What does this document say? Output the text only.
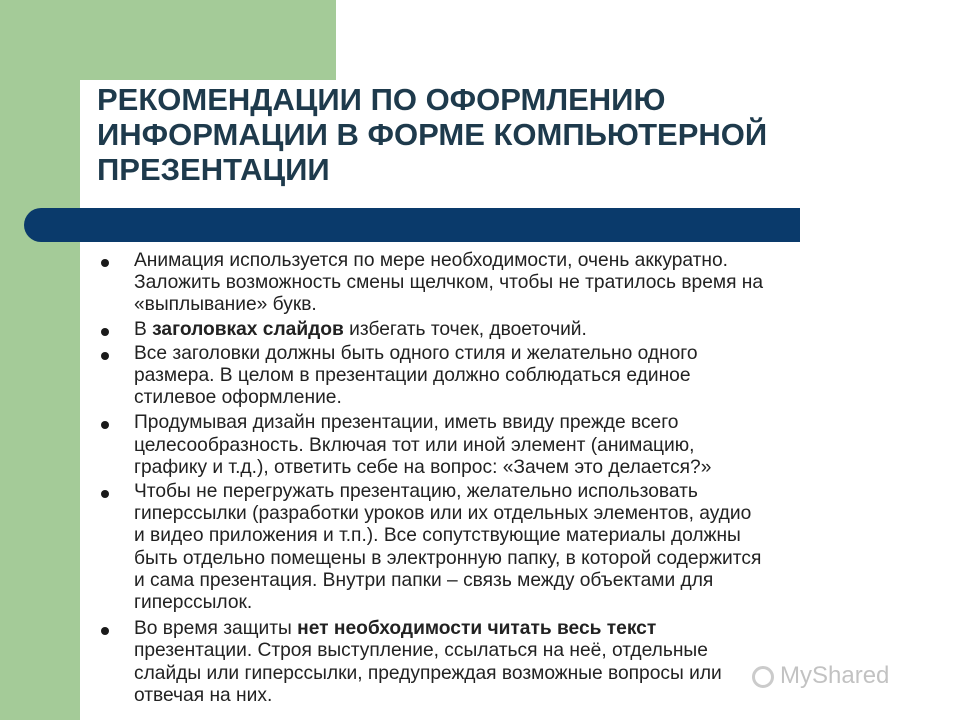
РЕКОМЕНДАЦИИ ПО ОФОРМЛЕНИЮ
ИНФОРМАЦИИ В ФОРМЕ КОМПЬЮТЕРНОЙ
ПРЕЗЕНТАЦИИ
Анимация используется по мере необходимости, очень аккуратно.
Заложить возможность смены щелчком, чтобы не тратилось время на
«выплывание» букв.
В заголовках слайдов избегать точек, двоеточий.
Все заголовки должны быть одного стиля и желательно одного
размера. В целом в презентации должно соблюдаться единое
стилевое оформление.
Продумывая дизайн презентации, иметь ввиду прежде всего
целесообразность. Включая тот или иной элемент (анимацию,
графику и т.д.), ответить себе на вопрос: «Зачем это делается?»
Чтобы не перегружать презентацию, желательно использовать
гиперссылки (разработки уроков или их отдельных элементов, аудио
и видео приложения и т.п.). Все сопутствующие материалы должны
быть отдельно помещены в электронную папку, в которой содержится
и сама презентация. Внутри папки – связь между объектами для
гиперссылок.
Во время защиты нет необходимости читать весь текст
презентации. Строя выступление, ссылаться на неё, отдельные
слайды или гиперссылки, предупреждая возможные вопросы или
отвечая на них.
MyShared
